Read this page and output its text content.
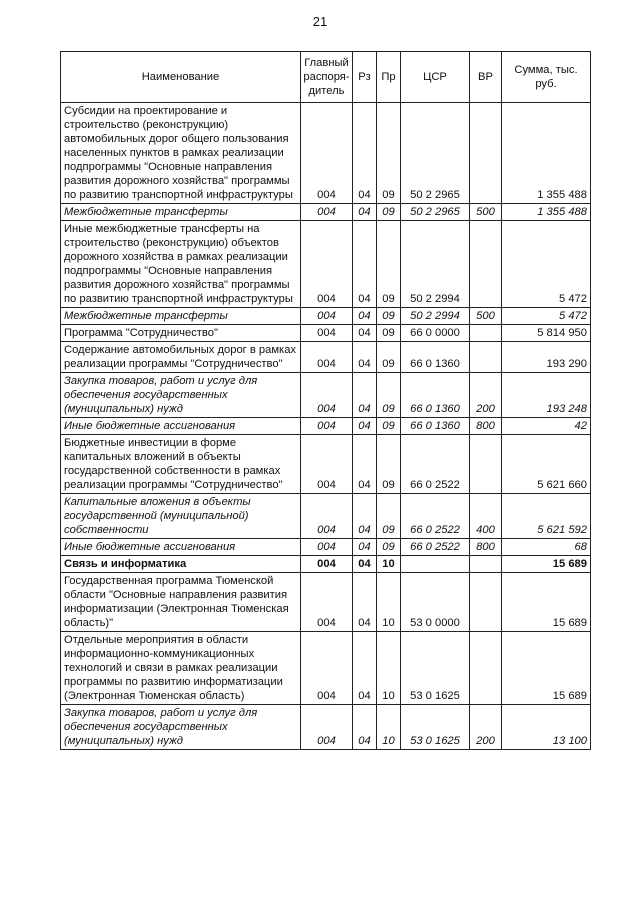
21
Наименование	Главный распоря-дитель	Рз	Пр	ЦСР	ВР	Сумма, тыс. руб.
Субсидии на проектирование и строительство (реконструкцию) автомобильных дорог общего пользования населенных пунктов в рамках реализации подпрограммы "Основные направления развития дорожного хозяйства" программы по развитию транспортной инфраструктуры	004	04	09	50 2 2965		1 355 488
Межбюджетные трансферты	004	04	09	50 2 2965	500	1 355 488
Иные межбюджетные трансферты на строительство (реконструкцию) объектов дорожного хозяйства в рамках реализации подпрограммы "Основные направления развития дорожного хозяйства" программы по развитию транспортной инфраструктуры	004	04	09	50 2 2994		5 472
Межбюджетные трансферты	004	04	09	50 2 2994	500	5 472
Программа "Сотрудничество"	004	04	09	66 0 0000		5 814 950
Содержание автомобильных дорог в рамках реализации программы "Сотрудничество"	004	04	09	66 0 1360		193 290
Закупка товаров, работ и услуг для обеспечения государственных (муниципальных) нужд	004	04	09	66 0 1360	200	193 248
Иные бюджетные ассигнования	004	04	09	66 0 1360	800	42
Бюджетные инвестиции в форме капитальных вложений в объекты государственной собственности в рамках реализации программы "Сотрудничество"	004	04	09	66 0 2522		5 621 660
Капитальные вложения в объекты государственной (муниципальной) собственности	004	04	09	66 0 2522	400	5 621 592
Иные бюджетные ассигнования	004	04	09	66 0 2522	800	68
Связь и информатика	004	04	10			15 689
Государственная программа Тюменской области "Основные направления развития информатизации (Электронная Тюменская область)"	004	04	10	53 0 0000		15 689
Отдельные мероприятия в области информационно-коммуникационных технологий и связи в рамках реализации программы по развитию информатизации (Электронная Тюменская область)	004	04	10	53 0 1625		15 689
Закупка товаров, работ и услуг для обеспечения государственных (муниципальных) нужд	004	04	10	53 0 1625	200	13 100
